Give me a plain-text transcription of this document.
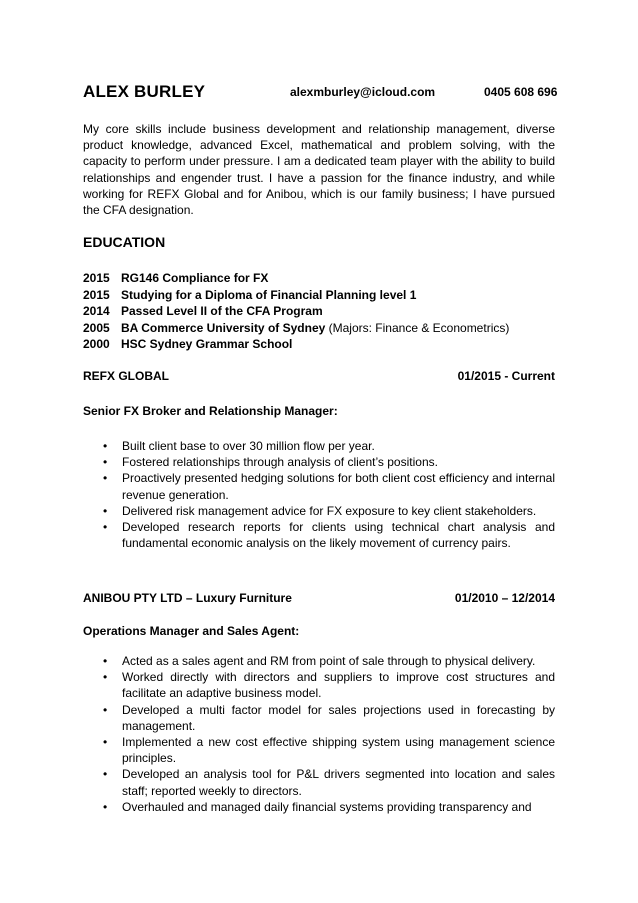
ALEX BURLEY	alexmburley@icloud.com	0405 608 696
My core skills include business development and relationship management, diverse product knowledge, advanced Excel, mathematical and problem solving, with the capacity to perform under pressure. I am a dedicated team player with the ability to build relationships and engender trust. I have a passion for the finance industry, and while working for REFX Global and for Anibou, which is our family business; I have pursued the CFA designation.
EDUCATION
2015 RG146 Compliance for FX
2015 Studying for a Diploma of Financial Planning level 1
2014 Passed Level II of the CFA Program
2005 BA Commerce University of Sydney (Majors: Finance & Econometrics)
2000 HSC Sydney Grammar School
REFX GLOBAL	01/2015 - Current
Senior FX Broker and Relationship Manager:
• Built client base to over 30 million flow per year.
• Fostered relationships through analysis of client’s positions.
• Proactively presented hedging solutions for both client cost efficiency and internal revenue generation.
• Delivered risk management advice for FX exposure to key client stakeholders.
• Developed research reports for clients using technical chart analysis and fundamental economic analysis on the likely movement of currency pairs.
ANIBOU PTY LTD – Luxury Furniture	01/2010 – 12/2014
Operations Manager and Sales Agent:
• Acted as a sales agent and RM from point of sale through to physical delivery.
• Worked directly with directors and suppliers to improve cost structures and facilitate an adaptive business model.
• Developed a multi factor model for sales projections used in forecasting by management.
• Implemented a new cost effective shipping system using management science principles.
• Developed an analysis tool for P&L drivers segmented into location and sales staff; reported weekly to directors.
• Overhauled and managed daily financial systems providing transparency and
